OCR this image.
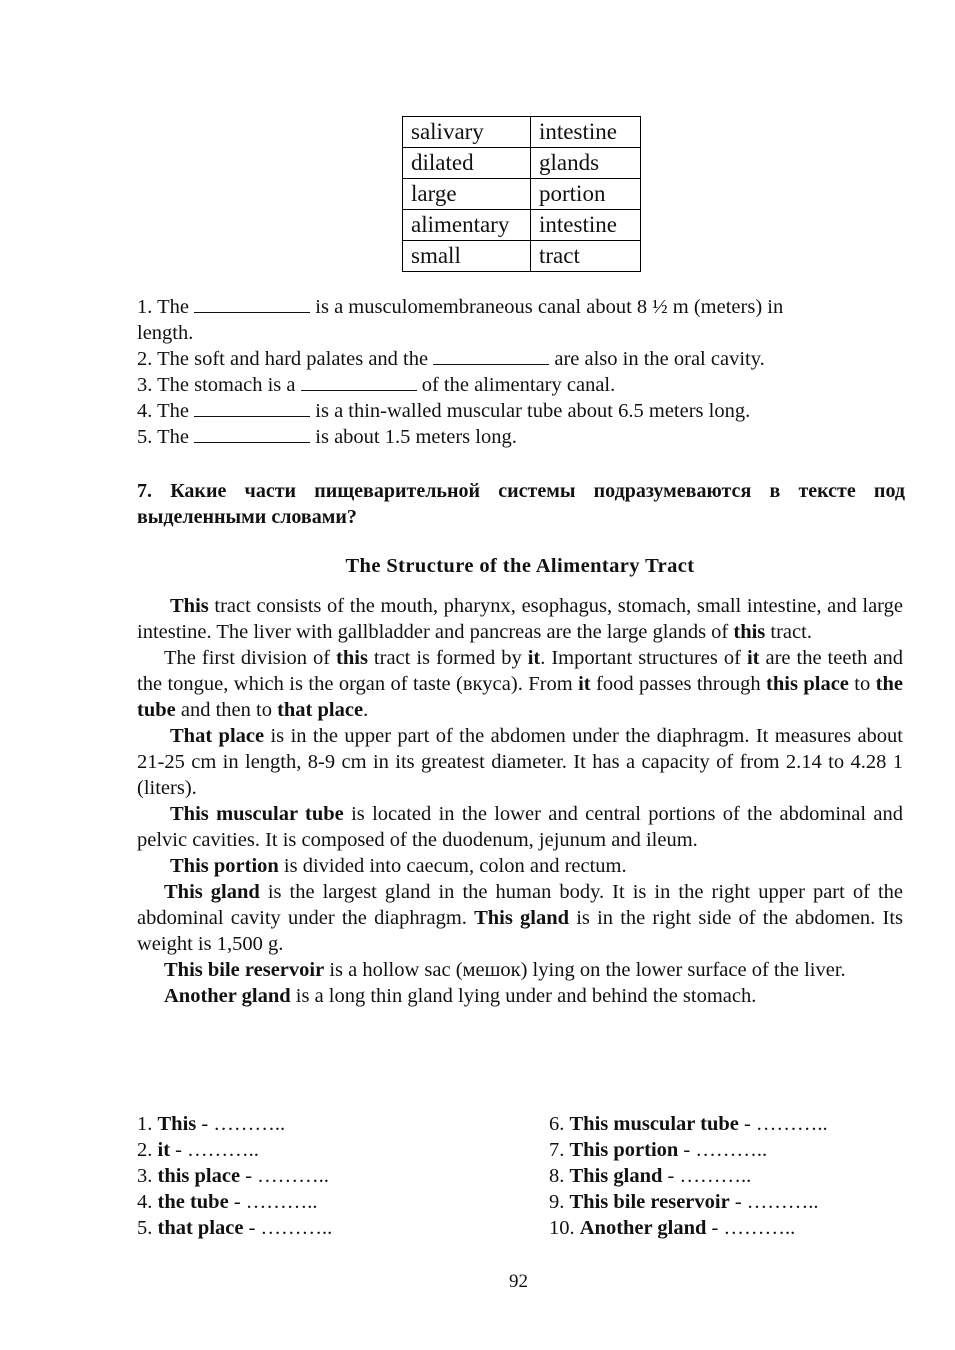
salivary	intestine
dilated	glands
large	portion
alimentary	intestine
small	tract
1. The	is a musculomembraneous canal about 8 ½ m (meters) in
length.
2. The soft and hard palates and the	are also in the oral cavity.
3. The stomach is a	of the alimentary canal.
4. The	is a thin-walled muscular tube about 6.5 meters long.
5. The	is about 1.5 meters long.
7. Какие части пищеварительной системы подразумеваются в тексте под
выделенными словами?
The Structure of the Alimentary Tract

This tract consists of the mouth, pharynx, esophagus, stomach, small intestine, and large intestine. The liver with gallbladder and pancreas are the large glands of this tract.

The first division of this tract is formed by it. Important structures of it are the teeth and the tongue, which is the organ of taste (вкуса). From it food passes through this place to the tube and then to that place.

That place is in the upper part of the abdomen under the diaphragm. It measures about 21-25 cm in length, 8-9 cm in its greatest diameter. It has a capacity of from 2.14 to 4.28 1 (liters).

This muscular tube is located in the lower and central portions of the abdominal and pelvic cavities. It is composed of the duodenum, jejunum and ileum.

This portion is divided into caecum, colon and rectum.

This gland is the largest gland in the human body. It is in the right upper part of the abdominal cavity under the diaphragm. This gland is in the right side of the abdomen. Its weight is 1,500 g.

This bile reservoir is a hollow sac (мешок) lying on the lower surface of the liver.

Another gland is a long thin gland lying under and behind the stomach.

1. This - ………..
2. it - ………..
3. this place - ………..
4. the tube - ………..
5. that place - ………..
6. This muscular tube - ………..
7. This portion - ………..
8. This gland - ………..
9. This bile reservoir - ………..
10. Another gland - ………..
92
